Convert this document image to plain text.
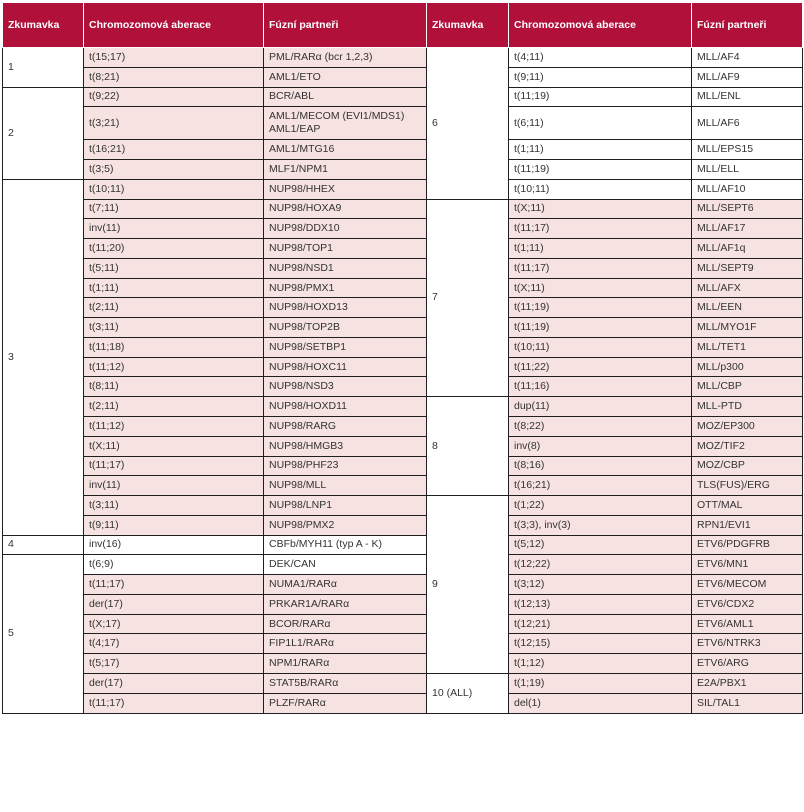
Zkumavka	Chromozomová aberace	Fúzní partneři	Zkumavka	Chromozomová aberace	Fúzní partneři
1	t(15;17)	PML/RARα (bcr 1,2,3)	6	t(4;11)	MLL/AF4
	t(8;21)	AML1/ETO		t(9;11)	MLL/AF9
2	t(9;22)	BCR/ABL		t(11;19)	MLL/ENL
	t(3;21)	AML1/MECOM (EVI1/MDS1) AML1/EAP		t(6;11)	MLL/AF6
	t(16;21)	AML1/MTG16		t(1;11)	MLL/EPS15
	t(3;5)	MLF1/NPM1		t(11;19)	MLL/ELL
3	t(10;11)	NUP98/HHEX		t(10;11)	MLL/AF10
	t(7;11)	NUP98/HOXA9	7	t(X;11)	MLL/SEPT6
	inv(11)	NUP98/DDX10		t(11;17)	MLL/AF17
	t(11;20)	NUP98/TOP1		t(1;11)	MLL/AF1q
	t(5;11)	NUP98/NSD1		t(11;17)	MLL/SEPT9
	t(1;11)	NUP98/PMX1		t(X;11)	MLL/AFX
	t(2;11)	NUP98/HOXD13		t(11;19)	MLL/EEN
	t(3;11)	NUP98/TOP2B		t(11;19)	MLL/MYO1F
	t(11;18)	NUP98/SETBP1		t(10;11)	MLL/TET1
	t(11;12)	NUP98/HOXC11		t(11;22)	MLL/p300
	t(8;11)	NUP98/NSD3		t(11;16)	MLL/CBP
	t(2;11)	NUP98/HOXD11	8	dup(11)	MLL-PTD
	t(11;12)	NUP98/RARG		t(8;22)	MOZ/EP300
	t(X;11)	NUP98/HMGB3		inv(8)	MOZ/TIF2
	t(11;17)	NUP98/PHF23		t(8;16)	MOZ/CBP
	inv(11)	NUP98/MLL		t(16;21)	TLS(FUS)/ERG
	t(3;11)	NUP98/LNP1	9	t(1;22)	OTT/MAL
	t(9;11)	NUP98/PMX2		t(3;3), inv(3)	RPN1/EVI1
4	inv(16)	CBFb/MYH11 (typ A - K)		t(5;12)	ETV6/PDGFRB
5	t(6;9)	DEK/CAN		t(12;22)	ETV6/MN1
	t(11;17)	NUMA1/RARα		t(3;12)	ETV6/MECOM
	der(17)	PRKAR1A/RARα		t(12;13)	ETV6/CDX2
	t(X;17)	BCOR/RARα		t(12;21)	ETV6/AML1
	t(4;17)	FIP1L1/RARα		t(12;15)	ETV6/NTRK3
	t(5;17)	NPM1/RARα		t(1;12)	ETV6/ARG
	der(17)	STAT5B/RARα	10 (ALL)	t(1;19)	E2A/PBX1
	t(11;17)	PLZF/RARα		del(1)	SIL/TAL1
